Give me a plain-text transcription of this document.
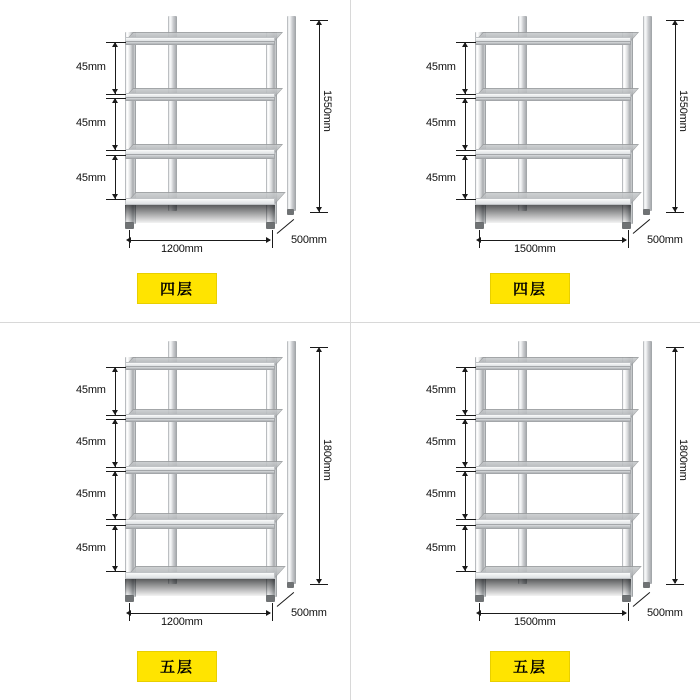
45mm
45mm
45mm
1550mm
1200mm
500mm
四层
45mm
45mm
45mm
1550mm
1500mm
500mm
四层
45mm
45mm
45mm
45mm
1800mm
1200mm
500mm
五层
45mm
45mm
45mm
45mm
1800mm
1500mm
500mm
五层
